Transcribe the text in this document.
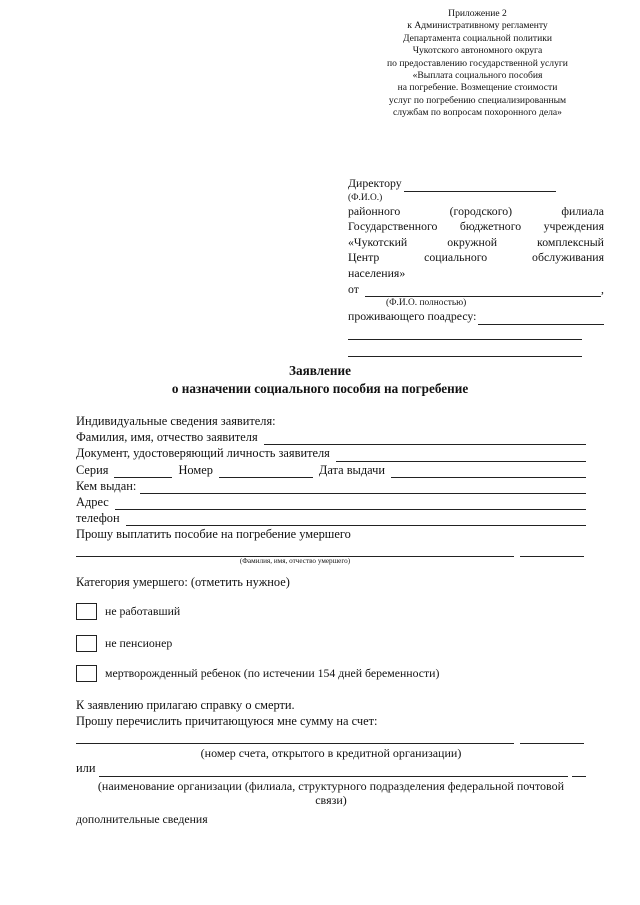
Приложение 2
к Административному регламенту
Департамента социальной политики
Чукотского автономного округа
по предоставлению государственной услуги
«Выплата социального пособия
на погребение. Возмещение стоимости
услуг по погребению специализированным
службам по вопросам похоронного дела»
Директору
(Ф.И.О.)
районного (городского) филиала
Государственного бюджетного учреждения
«Чукотский окружной комплексный
Центр социального обслуживания
населения»
от	,
(Ф.И.О. полностью)
проживающего поадресу:
Заявление
о назначении социального пособия на погребение
Индивидуальные сведения заявителя:
Фамилия, имя, отчество заявителя
Документ, удостоверяющий личность заявителя
Серия	Номер	Дата выдачи
Кем выдан:
Адрес
телефон
Прошу выплатить пособие на погребение умершего
(Фамилия, имя, отчество умершего)
Категория умершего: (отметить нужное)
не работавший
не пенсионер
мертворожденный ребенок (по истечении 154 дней беременности)
К заявлению прилагаю справку о смерти.
Прошу перечислить причитающуюся мне сумму на счет:
(номер счета, открытого в кредитной организации)
или
(наименование организации (филиала, структурного подразделения федеральной почтовой
связи)
дополнительные сведения
